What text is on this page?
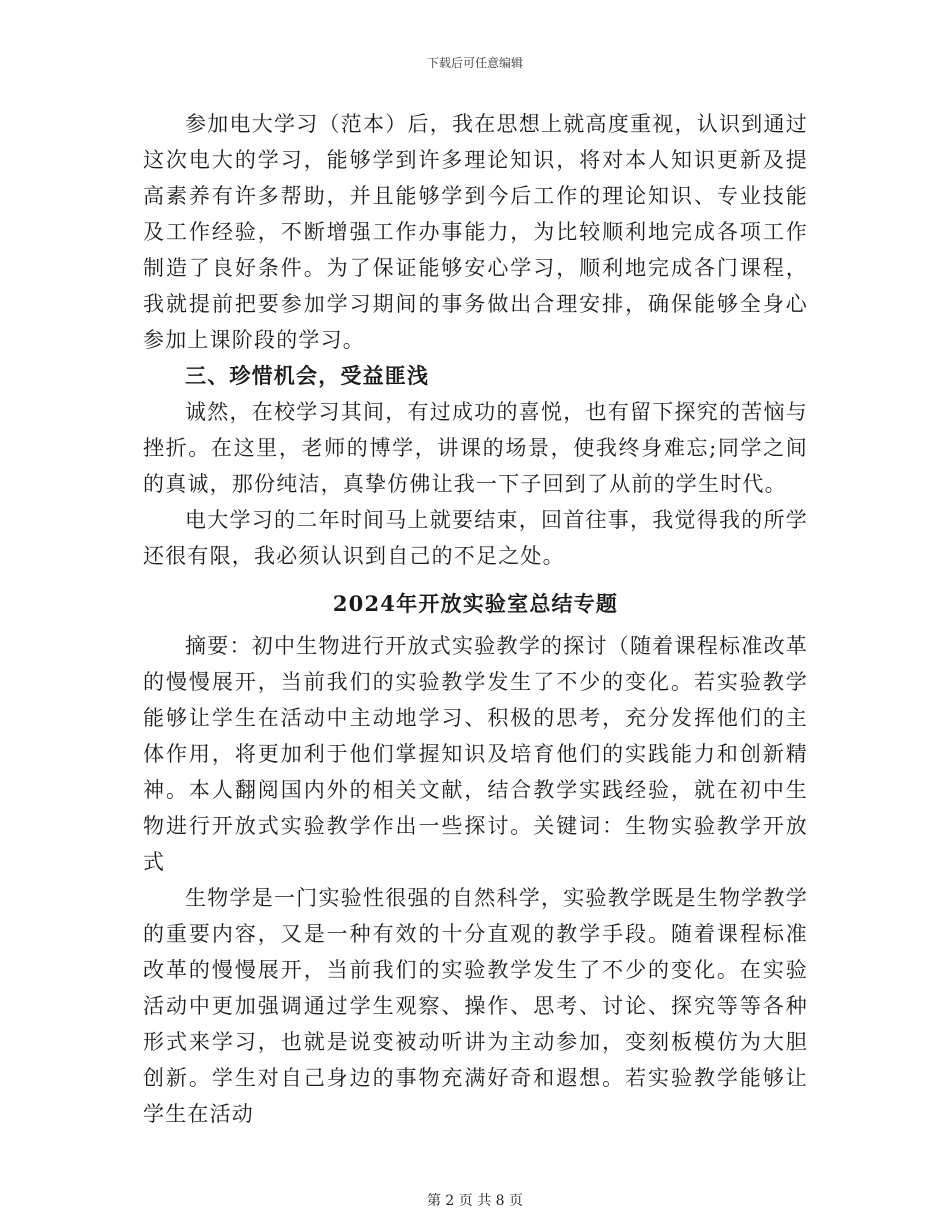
下载后可任意编辑

参加电大学习（范本）后，我在思想上就高度重视，认识到通过这次电大的学习，能够学到许多理论知识，将对本人知识更新及提高素养有许多帮助，并且能够学到今后工作的理论知识、专业技能及工作经验，不断增强工作办事能力，为比较顺利地完成各项工作制造了良好条件。为了保证能够安心学习，顺利地完成各门课程，我就提前把要参加学习期间的事务做出合理安排，确保能够全身心参加上课阶段的学习。

三、珍惜机会，受益匪浅

诚然，在校学习其间，有过成功的喜悦，也有留下探究的苦恼与挫折。在这里，老师的博学，讲课的场景，使我终身难忘;同学之间的真诚，那份纯洁，真挚仿佛让我一下子回到了从前的学生时代。

电大学习的二年时间马上就要结束，回首往事，我觉得我的所学还很有限，我必须认识到自己的不足之处。

2024年开放实验室总结专题

摘要：初中生物进行开放式实验教学的探讨（随着课程标准改革的慢慢展开，当前我们的实验教学发生了不少的变化。若实验教学能够让学生在活动中主动地学习、积极的思考，充分发挥他们的主体作用，将更加利于他们掌握知识及培育他们的实践能力和创新精神。本人翻阅国内外的相关文献，结合教学实践经验，就在初中生物进行开放式实验教学作出一些探讨。关键词：生物实验教学开放式

生物学是一门实验性很强的自然科学，实验教学既是生物学教学的重要内容，又是一种有效的十分直观的教学手段。随着课程标准改革的慢慢展开，当前我们的实验教学发生了不少的变化。在实验活动中更加强调通过学生观察、操作、思考、讨论、探究等等各种形式来学习，也就是说变被动听讲为主动参加，变刻板模仿为大胆创新。学生对自己身边的事物充满好奇和遐想。若实验教学能够让学生在活动

第 2 页 共 8 页
